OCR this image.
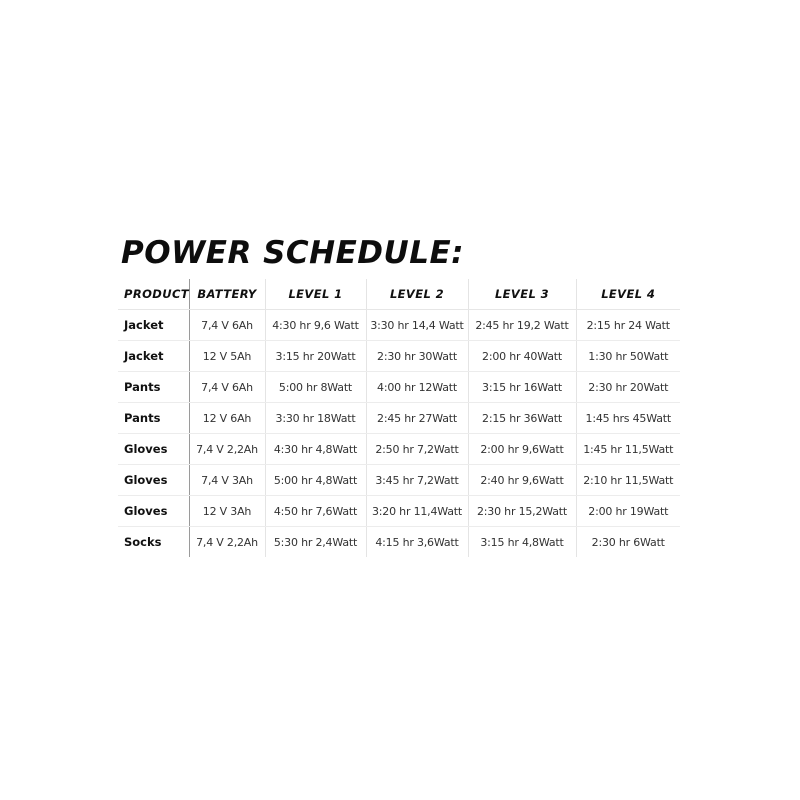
POWER SCHEDULE:
PRODUCT	BATTERY	LEVEL 1	LEVEL 2	LEVEL 3	LEVEL 4
Jacket	7,4 V 6Ah	4:30 hr 9,6 Watt	3:30 hr 14,4 Watt	2:45 hr 19,2 Watt	2:15 hr 24 Watt
Jacket	12 V 5Ah	3:15 hr 20Watt	2:30 hr 30Watt	2:00 hr 40Watt	1:30 hr 50Watt
Pants	7,4 V 6Ah	5:00 hr 8Watt	4:00 hr 12Watt	3:15 hr 16Watt	2:30 hr 20Watt
Pants	12 V 6Ah	3:30 hr 18Watt	2:45 hr 27Watt	2:15 hr 36Watt	1:45 hrs 45Watt
Gloves	7,4 V 2,2Ah	4:30 hr 4,8Watt	2:50 hr 7,2Watt	2:00 hr 9,6Watt	1:45 hr 11,5Watt
Gloves	7,4 V 3Ah	5:00 hr 4,8Watt	3:45 hr 7,2Watt	2:40 hr 9,6Watt	2:10 hr 11,5Watt
Gloves	12 V 3Ah	4:50 hr 7,6Watt	3:20 hr 11,4Watt	2:30 hr 15,2Watt	2:00 hr 19Watt
Socks	7,4 V 2,2Ah	5:30 hr 2,4Watt	4:15 hr 3,6Watt	3:15 hr 4,8Watt	2:30 hr 6Watt
